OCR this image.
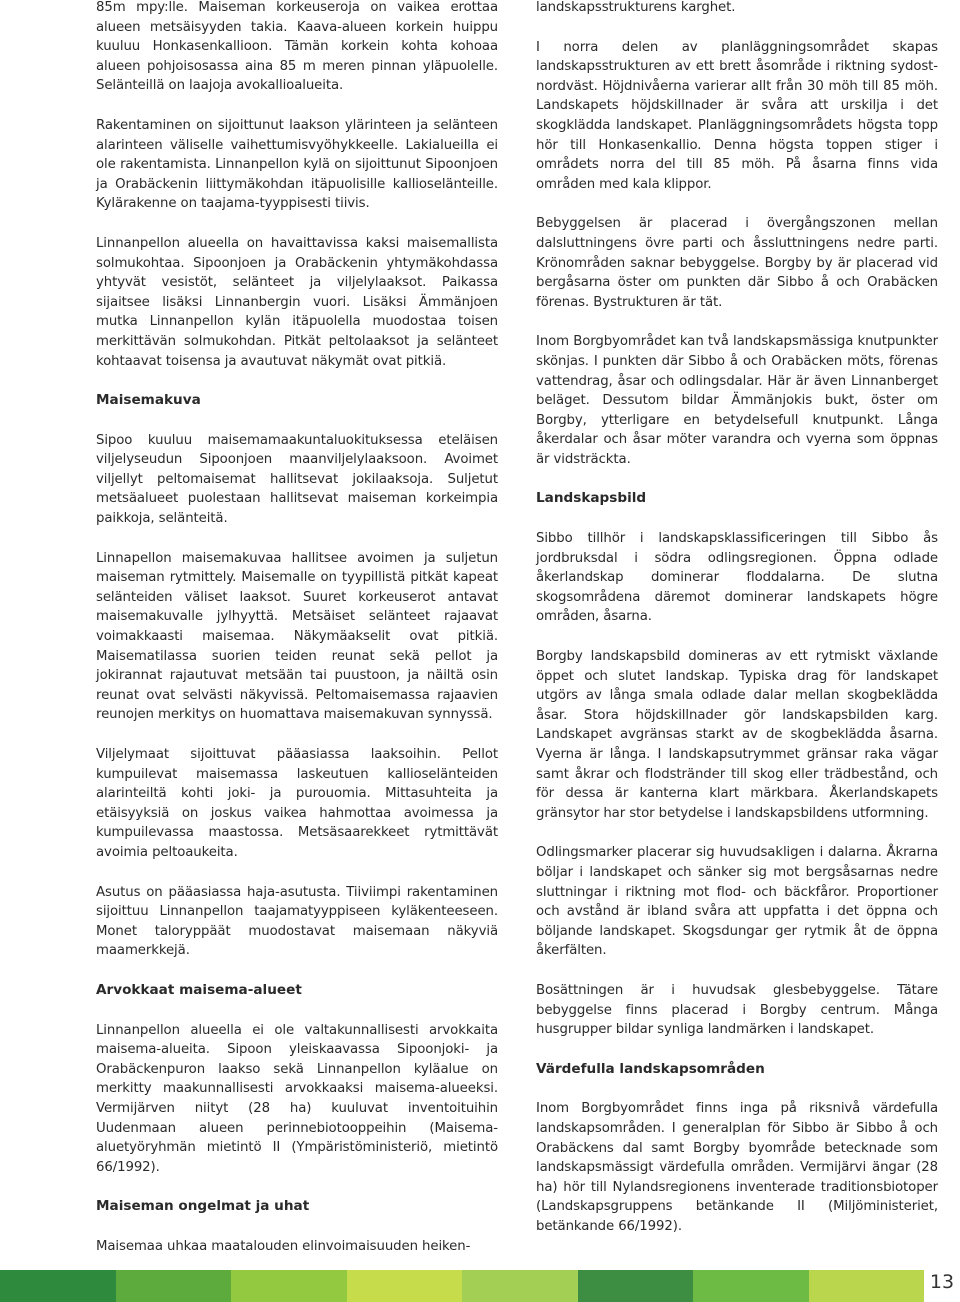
85m mpy:lle. Maiseman korkeuseroja on vaikea erottaa alueen metsäisyyden takia. Kaava-alueen korkein huippu kuuluu Honkasenkallioon. Tämän korkein kohta kohoaa alueen pohjoisosassa aina 85 m meren pinnan yläpuolelle. Selänteillä on laajoja avokallioalueita.

Rakentaminen on sijoittunut laakson ylärinteen ja selänteen alarinteen väliselle vaihettumisvyöhykkeelle. Lakialueilla ei ole rakentamista. Linnanpellon kylä on sijoittunut Sipoonjoen ja Orabäckenin liittymäkohdan itäpuolisille kallioselänteille. Kylärakenne on taajama-tyyppisesti tiivis.

Linnanpellon alueella on havaittavissa kaksi maisemallista solmukohtaa. Sipoonjoen ja Orabäckenin yhtymäkohdassa yhtyvät vesistöt, selänteet ja viljelylaaksot. Paikassa sijaitsee lisäksi Linnanbergin vuori. Lisäksi Ämmänjoen mutka Linnanpellon kylän itäpuolella muodostaa toisen merkittävän solmukohdan. Pitkät peltolaaksot ja selänteet kohtaavat toisensa ja avautuvat näkymät ovat pitkiä.

Maisemakuva

Sipoo kuuluu maisemamaakuntaluokituksessa eteläisen viljelyseudun Sipoonjoen maanviljelylaaksoon. Avoimet viljellyt peltomaisemat hallitsevat jokilaaksoja. Suljetut metsäalueet puolestaan hallitsevat maiseman korkeimpia paikkoja, selänteitä.

Linnapellon maisemakuvaa hallitsee avoimen ja suljetun maiseman rytmittely. Maisemalle on tyypillistä pitkät kapeat selänteiden väliset laaksot. Suuret korkeuserot antavat maisemakuvalle jylhyyttä. Metsäiset selänteet rajaavat voimakkaasti maisemaa. Näkymäakselit ovat pitkiä. Maisematilassa suorien teiden reunat sekä pellot ja jokirannat rajautuvat metsään tai puustoon, ja näiltä osin reunat ovat selvästi näkyvissä. Peltomaisemassa rajaavien reunojen merkitys on huomattava maisemakuvan synnyssä.

Viljelymaat sijoittuvat pääasiassa laaksoihin. Pellot kumpuilevat maisemassa laskeutuen kallioselänteiden alarinteiltä kohti joki- ja purouomia. Mittasuhteita ja etäisyyksiä on joskus vaikea hahmottaa avoimessa ja kumpuilevassa maastossa. Metsäsaarekkeet rytmittävät avoimia peltoaukeita.

Asutus on pääasiassa haja-asutusta. Tiiviimpi rakentaminen sijoittuu Linnanpellon taajamatyyppiseen kyläkenteeseen. Monet taloryppäät muodostavat maisemaan näkyviä maamerkkejä.

Arvokkaat maisema-alueet

Linnanpellon alueella ei ole valtakunnallisesti arvokkaita maisema-alueita. Sipoon yleiskaavassa Sipoonjoki- ja Orabäckenpuron laakso sekä Linnanpellon kyläalue on merkitty maakunnallisesti arvokkaaksi maisema-alueeksi. Vermijärven niityt (28 ha) kuuluvat inventoituihin Uudenmaan alueen perinnebiotooppeihin (Maisema-aluetyöryhmän mietintö II (Ympäristöministeriö, mietintö 66/1992).

Maiseman ongelmat ja uhat

Maisemaa uhkaa maatalouden elinvoimaisuuden heiken-

landskapsstrukturens karghet.

I norra delen av planläggningsområdet skapas landskapsstrukturen av ett brett åsområde i riktning sydost-nordväst. Höjdnivåerna varierar allt från 30 möh till 85 möh. Landskapets höjdskillnader är svåra att urskilja i det skogklädda landskapet. Planläggningsområdets högsta topp hör till Honkasenkallio. Denna högsta toppen stiger i områdets norra del till 85 möh. På åsarna finns vida områden med kala klippor.

Bebyggelsen är placerad i övergångszonen mellan dalsluttningens övre parti och åssluttningens nedre parti. Krönområden saknar bebyggelse. Borgby by är placerad vid bergåsarna öster om punkten där Sibbo å och Orabäcken förenas. Bystrukturen är tät.

Inom Borgbyområdet kan två landskapsmässiga knutpunkter skönjas. I punkten där Sibbo å och Orabäcken möts, förenas vattendrag, åsar och odlingsdalar. Här är även Linnanberget beläget. Dessutom bildar Ämmänjokis bukt, öster om Borgby, ytterligare en betydelsefull knutpunkt. Långa åkerdalar och åsar möter varandra och vyerna som öppnas är vidsträckta.

Landskapsbild

Sibbo tillhör i landskapsklassificeringen till Sibbo ås jordbruksdal i södra odlingsregionen. Öppna odlade åkerlandskap dominerar floddalarna. De slutna skogsområdena däremot dominerar landskapets högre områden, åsarna.

Borgby landskapsbild domineras av ett rytmiskt växlande öppet och slutet landskap. Typiska drag för landskapet utgörs av långa smala odlade dalar mellan skogbeklädda åsar. Stora höjdskillnader gör landskapsbilden karg. Landskapet avgränsas starkt av de skogbeklädda åsarna. Vyerna är långa. I landskapsutrymmet gränsar raka vägar samt åkrar och flodstränder till skog eller trädbestånd, och för dessa är kanterna klart märkbara. Åkerlandskapets gränsytor har stor betydelse i landskapsbildens utformning.

Odlingsmarker placerar sig huvudsakligen i dalarna. Åkrarna böljar i landskapet och sänker sig mot bergsåsarnas nedre sluttningar i riktning mot flod- och bäckfåror. Proportioner och avstånd är ibland svåra att uppfatta i det öppna och böljande landskapet. Skogsdungar ger rytmik åt de öppna åkerfälten.

Bosättningen är i huvudsak glesbebyggelse. Tätare bebyggelse finns placerad i Borgby centrum. Många husgrupper bildar synliga landmärken i landskapet.

Värdefulla landskapsområden

Inom Borgbyområdet finns inga på riksnivå värdefulla landskapsområden. I generalplan för Sibbo är Sibbo å och Orabäckens dal samt Borgby byområde betecknade som landskapsmässigt värdefulla områden. Vermijärvi ängar (28 ha) hör till Nylandsregionens inventerade traditionsbiotoper (Landskapsgruppens betänkande II (Miljöministeriet, betänkande 66/1992).

13
